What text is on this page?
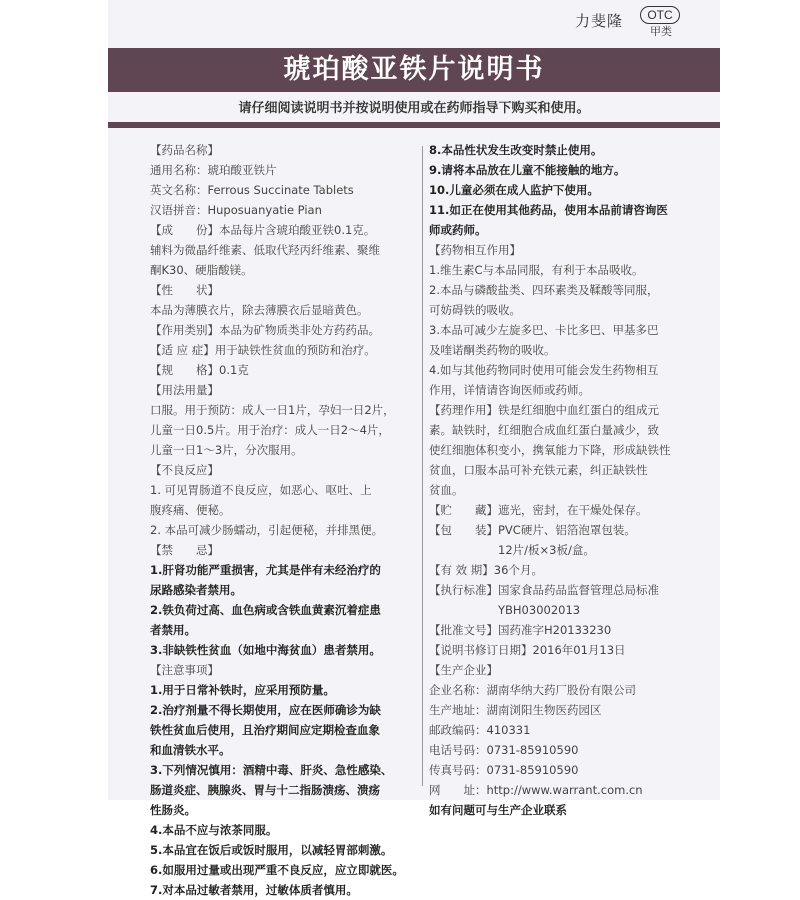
力斐隆	OTC
甲类
琥珀酸亚铁片说明书
请仔细阅读说明书并按说明使用或在药师指导下购买和使用。
【药品名称】
通用名称：琥珀酸亚铁片
英文名称：Ferrous Succinate Tablets
汉语拼音：Huposuanyatie Pian
【成　　份】本品每片含琥珀酸亚铁0.1克。
辅料为微晶纤维素、低取代羟丙纤维素、聚维
酮K30、硬脂酸镁。
【性　　状】
本品为薄膜衣片，除去薄膜衣后显暗黄色。
【作用类别】本品为矿物质类非处方药药品。
【适 应 症】用于缺铁性贫血的预防和治疗。
【规　　格】0.1克
【用法用量】
口服。用于预防：成人一日1片，孕妇一日2片，
儿童一日0.5片。用于治疗：成人一日2～4片，
儿童一日1～3片，分次服用。
【不良反应】
1. 可见胃肠道不良反应，如恶心、呕吐、上
腹疼痛、便秘。
2. 本品可减少肠蠕动，引起便秘，并排黑便。
【禁　　忌】
1.肝肾功能严重损害，尤其是伴有未经治疗的
尿路感染者禁用。
2.铁负荷过高、血色病或含铁血黄素沉着症患
者禁用。
3.非缺铁性贫血（如地中海贫血）患者禁用。
【注意事项】
1.用于日常补铁时，应采用预防量。
2.治疗剂量不得长期使用，应在医师确诊为缺
铁性贫血后使用，且治疗期间应定期检查血象
和血清铁水平。
3.下列情况慎用：酒精中毒、肝炎、急性感染、
肠道炎症、胰腺炎、胃与十二指肠溃疡、溃疡
性肠炎。
4.本品不应与浓茶同服。
5.本品宜在饭后或饭时服用，以减轻胃部刺激。
6.如服用过量或出现严重不良反应，应立即就医。
7.对本品过敏者禁用，过敏体质者慎用。
8.本品性状发生改变时禁止使用。
9.请将本品放在儿童不能接触的地方。
10.儿童必须在成人监护下使用。
11.如正在使用其他药品，使用本品前请咨询医
师或药师。
【药物相互作用】
1.维生素C与本品同服，有利于本品吸收。
2.本品与磷酸盐类、四环素类及鞣酸等同服，
可妨碍铁的吸收。
3.本品可减少左旋多巴、卡比多巴、甲基多巴
及喹诺酮类药物的吸收。
4.如与其他药物同时使用可能会发生药物相互
作用，详情请咨询医师或药师。
【药理作用】铁是红细胞中血红蛋白的组成元
素。缺铁时，红细胞合成血红蛋白量减少，致
使红细胞体积变小，携氧能力下降，形成缺铁性
贫血，口服本品可补充铁元素，纠正缺铁性
贫血。
【贮　　藏】遮光，密封，在干燥处保存。
【包　　装】PVC硬片、铝箔泡罩包装。
　　　　　　12片/板×3板/盒。
【有 效 期】36个月。
【执行标准】国家食品药品监督管理总局标准
　　　　　　YBH03002013
【批准文号】国药准字H20133230
【说明书修订日期】2016年01月13日
【生产企业】
企业名称：湖南华纳大药厂股份有限公司
生产地址：湖南浏阳生物医药园区
邮政编码：410331
电话号码：0731-85910590
传真号码：0731-85910590
网　　址：http://www.warrant.com.cn
如有问题可与生产企业联系
